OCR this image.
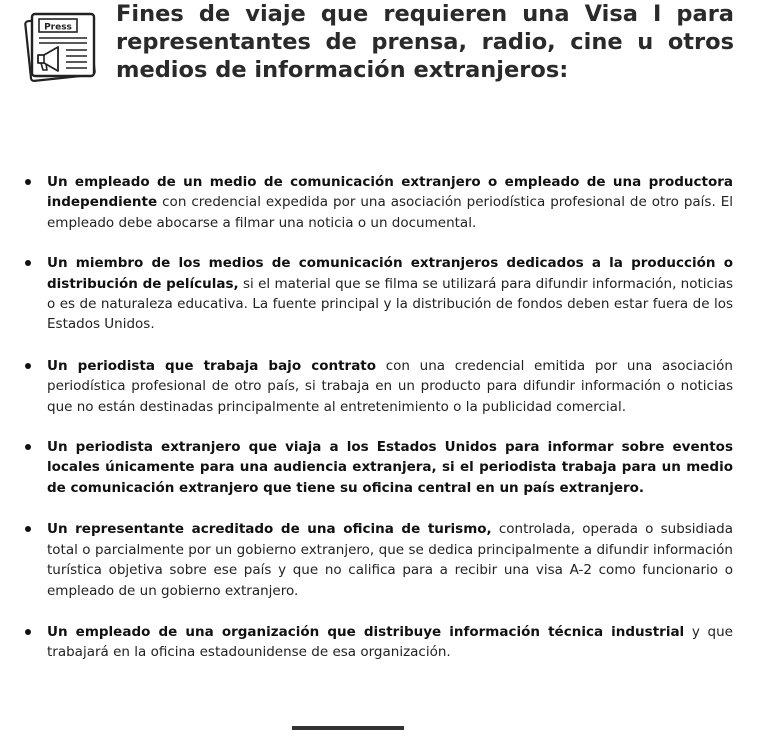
Press
Fines de viaje que requieren una Visa I para representantes de prensa, radio, cine u otros medios de información extranjeros:
Un empleado de un medio de comunicación extranjero o empleado de una productora independiente con credencial expedida por una asociación periodística profesional de otro país. El empleado debe abocarse a filmar una noticia o un documental.
Un miembro de los medios de comunicación extranjeros dedicados a la producción o distribución de películas, si el material que se filma se utilizará para difundir información, noticias o es de naturaleza educativa. La fuente principal y la distribución de fondos deben estar fuera de los Estados Unidos.
Un periodista que trabaja bajo contrato con una credencial emitida por una asociación periodística profesional de otro país, si trabaja en un producto para difundir información o noticias que no están destinadas principalmente al entretenimiento o la publicidad comercial.
Un periodista extranjero que viaja a los Estados Unidos para informar sobre eventos locales únicamente para una audiencia extranjera, si el periodista trabaja para un medio de comunicación extranjero que tiene su oficina central en un país extranjero.
Un representante acreditado de una oficina de turismo, controlada, operada o subsidiada total o parcialmente por un gobierno extranjero, que se dedica principalmente a difundir información turística objetiva sobre ese país y que no califica para a recibir una visa A-2 como funcionario o empleado de un gobierno extranjero.
Un empleado de una organización que distribuye información técnica industrial y que trabajará en la oficina estadounidense de esa organización.
